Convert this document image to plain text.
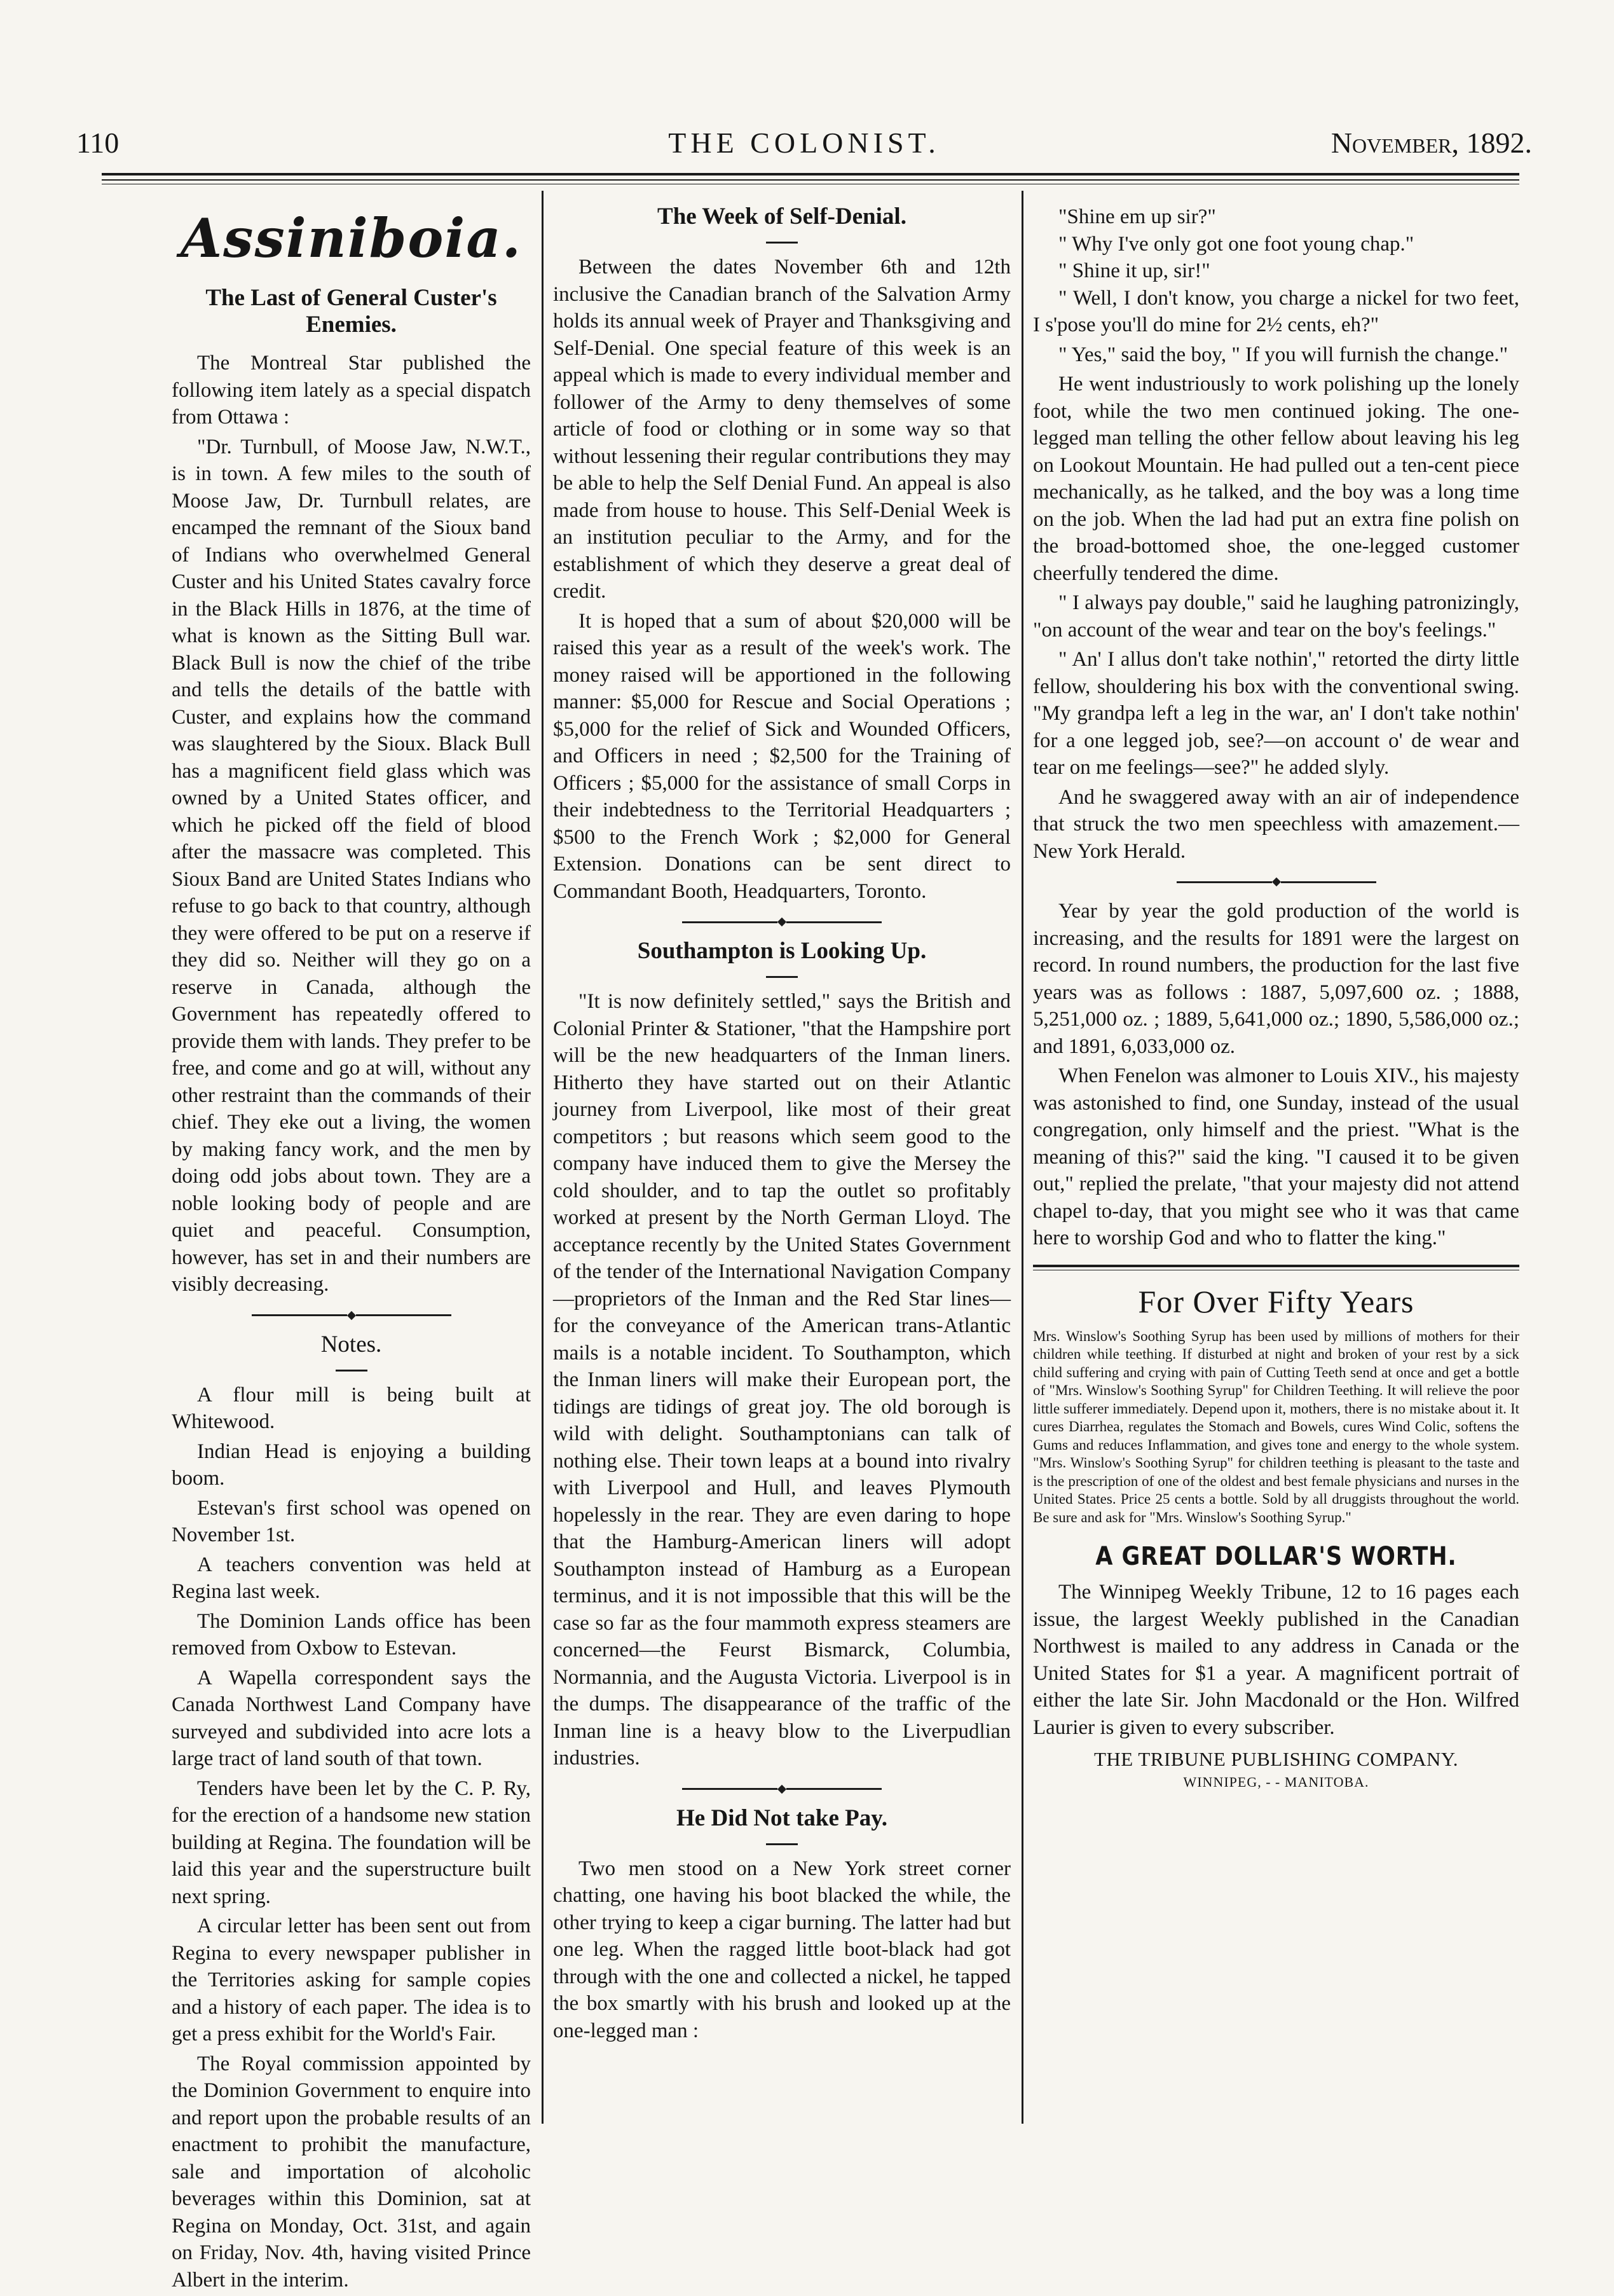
110	THE COLONIST.	November, 1892.
Assiniboia.
The Last of General Custer's
Enemies.

The Montreal Star published the following item lately as a special dispatch from Ottawa :

"Dr. Turnbull, of Moose Jaw, N.W.T., is in town. A few miles to the south of Moose Jaw, Dr. Turnbull relates, are encamped the remnant of the Sioux band of Indians who overwhelmed General Custer and his United States cavalry force in the Black Hills in 1876, at the time of what is known as the Sitting Bull war. Black Bull is now the chief of the tribe and tells the details of the battle with Custer, and explains how the command was slaughtered by the Sioux. Black Bull has a magnificent field glass which was owned by a United States officer, and which he picked off the field of blood after the massacre was completed. This Sioux Band are United States Indians who refuse to go back to that country, although they were offered to be put on a reserve if they did so. Neither will they go on a reserve in Canada, although the Government has repeatedly offered to provide them with lands. They prefer to be free, and come and go at will, without any other restraint than the commands of their chief. They eke out a living, the women by making fancy work, and the men by doing odd jobs about town. They are a noble looking body of people and are quiet and peaceful. Consumption, however, has set in and their numbers are visibly decreasing.

Notes.

A flour mill is being built at Whitewood.

Indian Head is enjoying a building boom.

Estevan's first school was opened on November 1st.

A teachers convention was held at Regina last week.

The Dominion Lands office has been removed from Oxbow to Estevan.

A Wapella correspondent says the Canada Northwest Land Company have surveyed and subdivided into acre lots a large tract of land south of that town.

Tenders have been let by the C. P. Ry, for the erection of a handsome new station building at Regina. The foundation will be laid this year and the superstructure built next spring.

A circular letter has been sent out from Regina to every newspaper publisher in the Territories asking for sample copies and a history of each paper. The idea is to get a press exhibit for the World's Fair.

The Royal commission appointed by the Dominion Government to enquire into and report upon the probable results of an enactment to prohibit the manufacture, sale and importation of alcoholic beverages within this Dominion, sat at Regina on Monday, Oct. 31st, and again on Friday, Nov. 4th, having visited Prince Albert in the interim.

The Week of Self-Denial.

Between the dates November 6th and 12th inclusive the Canadian branch of the Salvation Army holds its annual week of Prayer and Thanksgiving and Self-Denial. One special feature of this week is an appeal which is made to every individual member and follower of the Army to deny themselves of some article of food or clothing or in some way so that without lessening their regular contributions they may be able to help the Self Denial Fund. An appeal is also made from house to house. This Self-Denial Week is an institution peculiar to the Army, and for the establishment of which they deserve a great deal of credit.

It is hoped that a sum of about $20,000 will be raised this year as a result of the week's work. The money raised will be apportioned in the following manner: $5,000 for Rescue and Social Operations ; $5,000 for the relief of Sick and Wounded Officers, and Officers in need ; $2,500 for the Training of Officers ; $5,000 for the assistance of small Corps in their indebtedness to the Territorial Headquarters ; $500 to the French Work ; $2,000 for General Extension. Donations can be sent direct to Commandant Booth, Headquarters, Toronto.

Southampton is Looking Up.

"It is now definitely settled," says the British and Colonial Printer & Stationer, "that the Hampshire port will be the new headquarters of the Inman liners. Hitherto they have started out on their Atlantic journey from Liverpool, like most of their great competitors ; but reasons which seem good to the company have induced them to give the Mersey the cold shoulder, and to tap the outlet so profitably worked at present by the North German Lloyd. The acceptance recently by the United States Government of the tender of the International Navigation Company—proprietors of the Inman and the Red Star lines—for the conveyance of the American trans-Atlantic mails is a notable incident. To Southampton, which the Inman liners will make their European port, the tidings are tidings of great joy. The old borough is wild with delight. Southamptonians can talk of nothing else. Their town leaps at a bound into rivalry with Liverpool and Hull, and leaves Plymouth hopelessly in the rear. They are even daring to hope that the Hamburg-American liners will adopt Southampton instead of Hamburg as a European terminus, and it is not impossible that this will be the case so far as the four mammoth express steamers are concerned—the Feurst Bismarck, Columbia, Normannia, and the Augusta Victoria. Liverpool is in the dumps. The disappearance of the traffic of the Inman line is a heavy blow to the Liverpudlian industries.

He Did Not take Pay.

Two men stood on a New York street corner chatting, one having his boot blacked the while, the other trying to keep a cigar burning. The latter had but one leg. When the ragged little boot-black had got through with the one and collected a nickel, he tapped the box smartly with his brush and looked up at the one-legged man :

"Shine em up sir?"

" Why I've only got one foot young chap."

" Shine it up, sir!"

" Well, I don't know, you charge a nickel for two feet, I s'pose you'll do mine for 2½ cents, eh?"

" Yes," said the boy, " If you will furnish the change."

He went industriously to work polishing up the lonely foot, while the two men continued joking. The one-legged man telling the other fellow about leaving his leg on Lookout Mountain. He had pulled out a ten-cent piece mechanically, as he talked, and the boy was a long time on the job. When the lad had put an extra fine polish on the broad-bottomed shoe, the one-legged customer cheerfully tendered the dime.

" I always pay double," said he laughing patronizingly, "on account of the wear and tear on the boy's feelings."

" An' I allus don't take nothin'," retorted the dirty little fellow, shouldering his box with the conventional swing. "My grandpa left a leg in the war, an' I don't take nothin' for a one legged job, see?—on account o' de wear and tear on me feelings—see?" he added slyly.

And he swaggered away with an air of independence that struck the two men speechless with amazement.—New York Herald.

Year by year the gold production of the world is increasing, and the results for 1891 were the largest on record. In round numbers, the production for the last five years was as follows : 1887, 5,097,600 oz. ; 1888, 5,251,000 oz. ; 1889, 5,641,000 oz.; 1890, 5,586,000 oz.; and 1891, 6,033,000 oz.

When Fenelon was almoner to Louis XIV., his majesty was astonished to find, one Sunday, instead of the usual congregation, only himself and the priest. "What is the meaning of this?" said the king. "I caused it to be given out," replied the prelate, "that your majesty did not attend chapel to-day, that you might see who it was that came here to worship God and who to flatter the king."

For Over Fifty Years

Mrs. Winslow's Soothing Syrup has been used by millions of mothers for their children while teething. If disturbed at night and broken of your rest by a sick child suffering and crying with pain of Cutting Teeth send at once and get a bottle of "Mrs. Winslow's Soothing Syrup" for Children Teething. It will relieve the poor little sufferer immediately. Depend upon it, mothers, there is no mistake about it. It cures Diarrhea, regulates the Stomach and Bowels, cures Wind Colic, softens the Gums and reduces Inflammation, and gives tone and energy to the whole system. "Mrs. Winslow's Soothing Syrup" for children teething is pleasant to the taste and is the prescription of one of the oldest and best female physicians and nurses in the United States. Price 25 cents a bottle. Sold by all druggists throughout the world. Be sure and ask for "Mrs. Winslow's Soothing Syrup."

A GREAT DOLLAR'S WORTH.

The Winnipeg Weekly Tribune, 12 to 16 pages each issue, the largest Weekly published in the Canadian Northwest is mailed to any address in Canada or the United States for $1 a year. A magnificent portrait of either the late Sir. John Macdonald or the Hon. Wilfred Laurier is given to every subscriber.

THE TRIBUNE PUBLISHING COMPANY.
WINNIPEG, - - MANITOBA.
